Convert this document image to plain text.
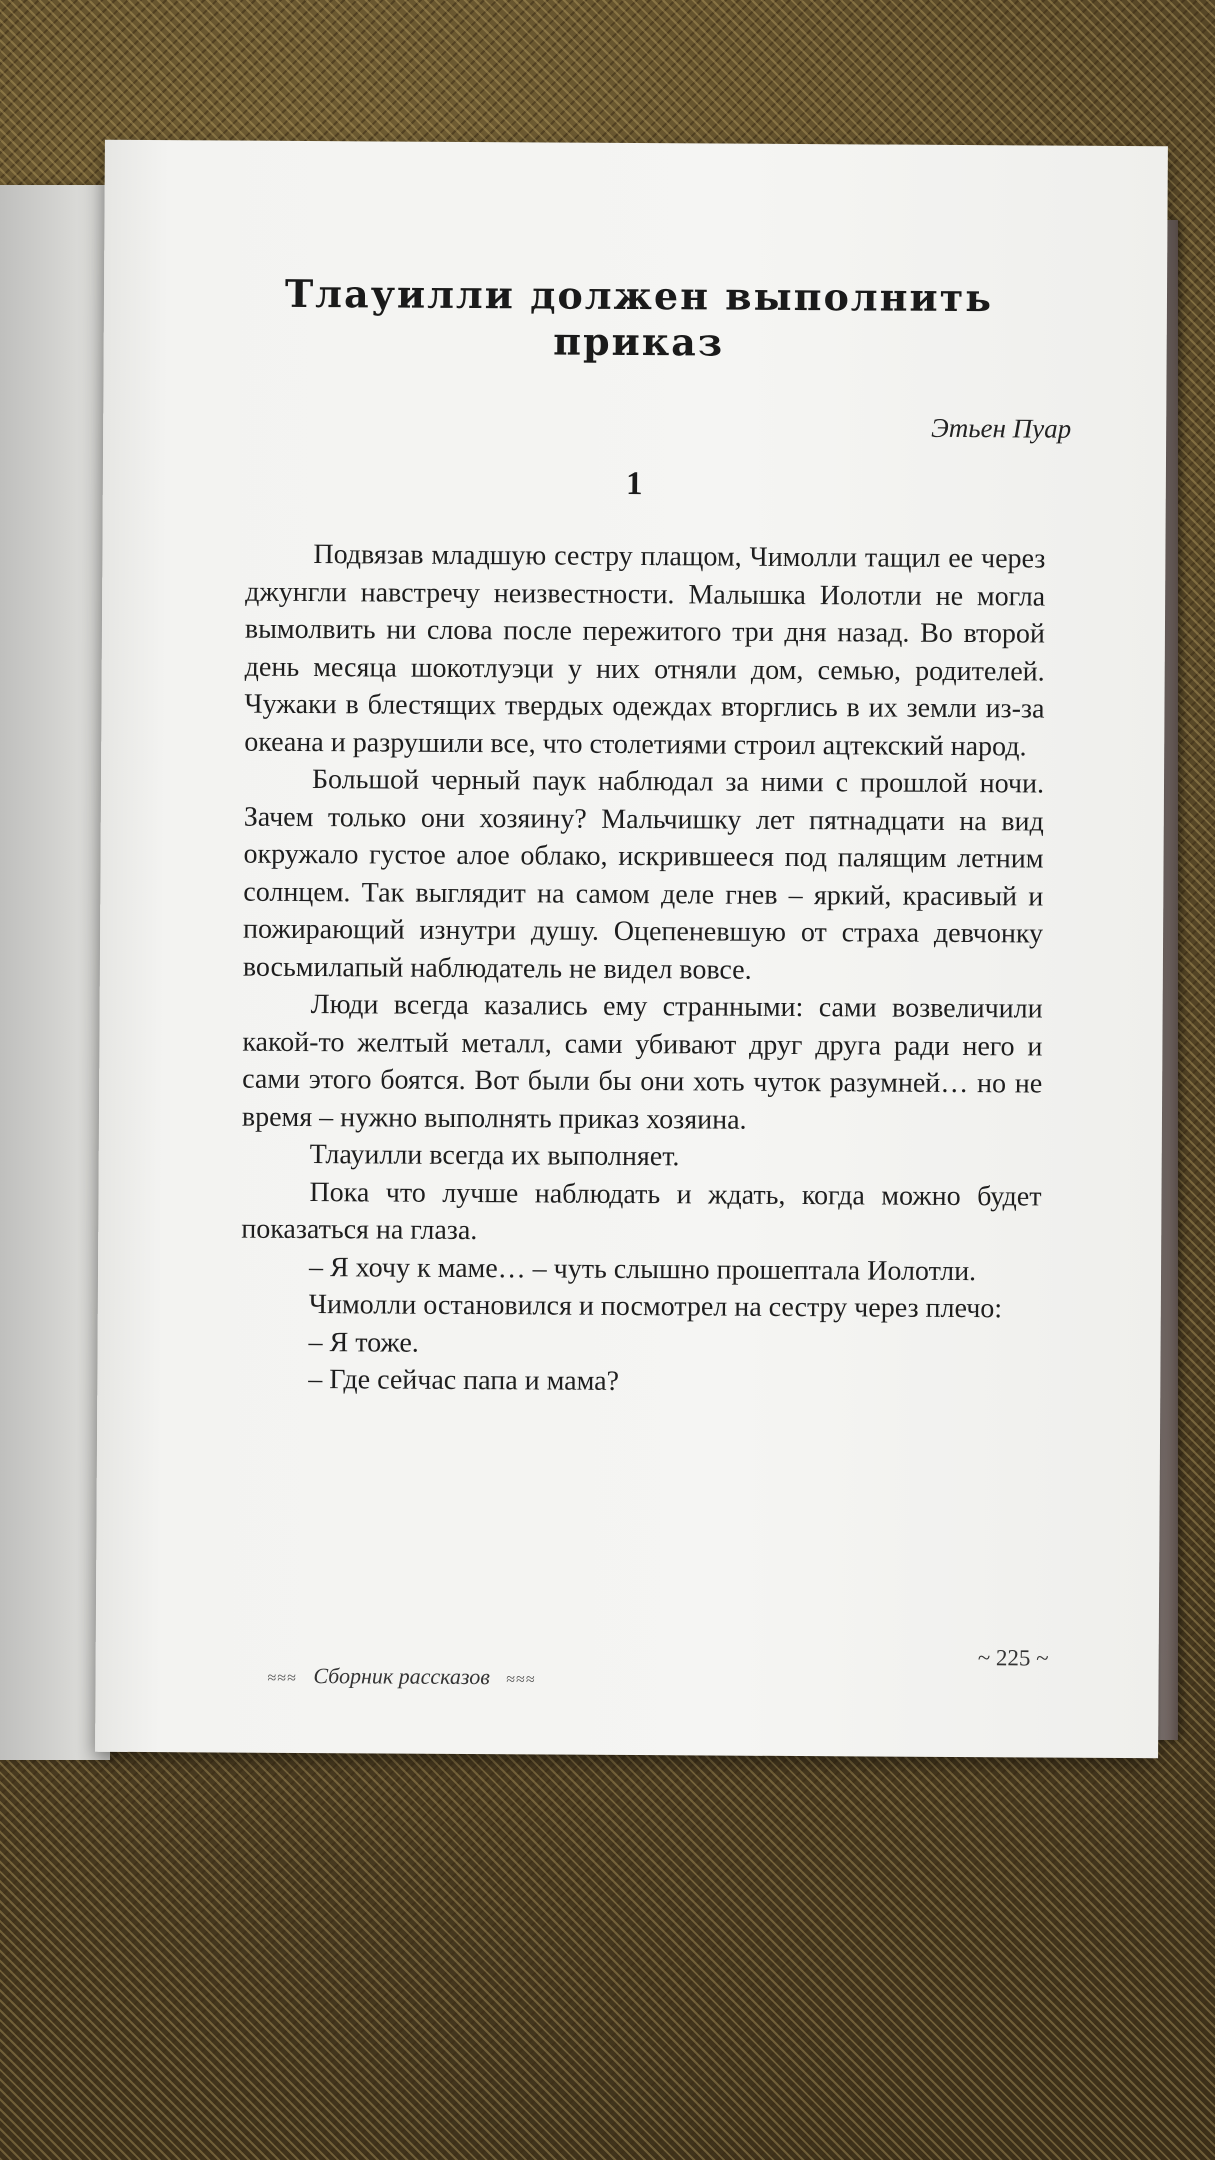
Тлауилли должен выполнить приказ
Этьен Пуар
1

Подвязав младшую сестру плащом, Чимолли тащил ее через джунгли навстречу неизвестности. Малышка Иолотли не могла вымолвить ни слова после пережитого три дня назад. Во второй день месяца шокотлуэци у них отняли дом, семью, родителей. Чужаки в блестящих твердых одеждах вторглись в их земли из-за океана и разрушили все, что столетиями строил ацтекский народ.

Большой черный паук наблюдал за ними с прошлой ночи. Зачем только они хозяину? Мальчишку лет пятнадцати на вид окружало густое алое облако, искрившееся под палящим летним солнцем. Так выглядит на самом деле гнев – яркий, красивый и пожирающий изнутри душу. Оцепеневшую от страха девчонку восьмилапый наблюдатель не видел вовсе.

Люди всегда казались ему странными: сами возвеличили какой-то желтый металл, сами убивают друг друга ради него и сами этого боятся. Вот были бы они хоть чуток разумней… но не время – нужно выполнять приказ хозяина.

Тлауилли всегда их выполняет.

Пока что лучше наблюдать и ждать, когда можно будет показаться на глаза.

– Я хочу к маме… – чуть слышно прошептала Иолотли.

Чимолли остановился и посмотрел на сестру через плечо:

– Я тоже.

– Где сейчас папа и мама?

≈≈≈ Сборник рассказов ≈≈≈
~ 225 ~
